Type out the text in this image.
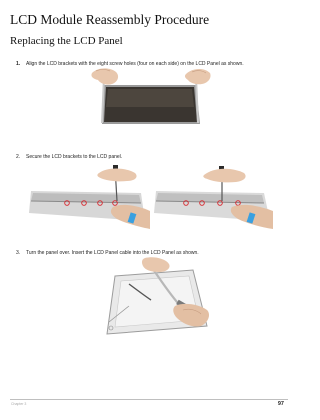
LCD Module Reassembly Procedure
Replacing the LCD Panel
1. Align the LCD brackets with the eight screw holes (four on each side) on the LCD Panel as shown.
2. Secure the LCD brackets to the LCD panel.
3. Turn the panel over. Insert the LCD Panel cable into the LCD Panel as shown.
Chapter 3	97
